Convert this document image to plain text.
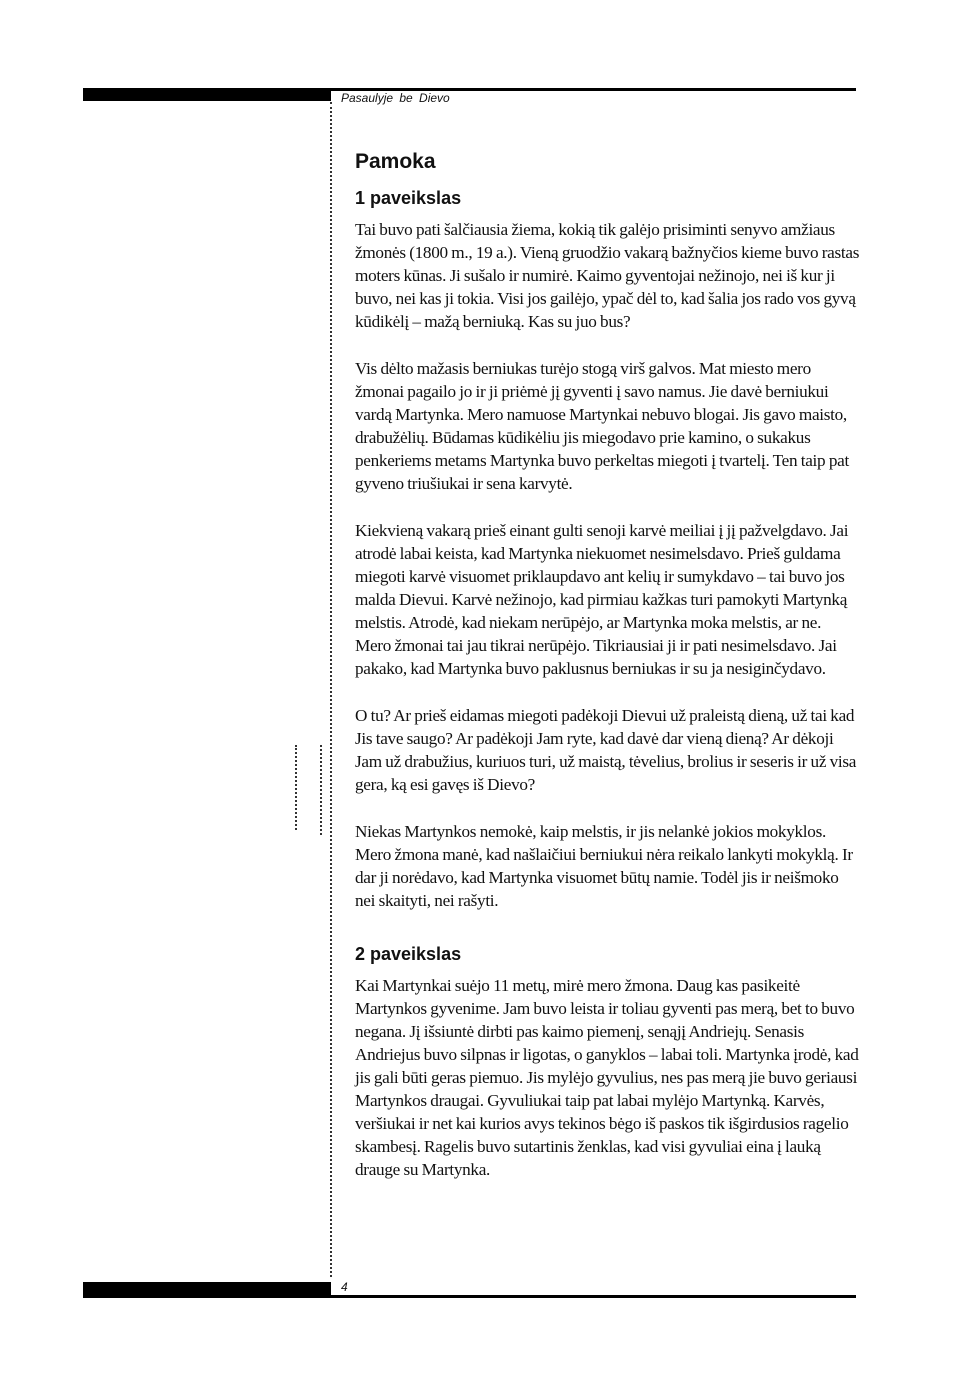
Pasaulyje be Dievo
Pamoka
1 paveikslas

Tai buvo pati šalčiausia žiema, kokią tik galėjo prisiminti senyvo amžiaus žmonės (1800 m., 19 a.). Vieną gruodžio vakarą bažnyčios kieme buvo rastas moters kūnas. Ji sušalo ir numirė. Kaimo gyventojai nežinojo, nei iš kur ji buvo, nei kas ji tokia. Visi jos gailėjo, ypač dėl to, kad šalia jos rado vos gyvą kūdikėlį – mažą berniuką. Kas su juo bus?

Vis dėlto mažasis berniukas turėjo stogą virš galvos. Mat miesto mero žmonai pagailo jo ir ji priėmė jį gyventi į savo namus. Jie davė berniukui vardą Martynka. Mero namuose Martynkai nebuvo blogai. Jis gavo maisto, drabužėlių. Būdamas kūdikėliu jis miegodavo prie kamino, o sukakus penkeriems metams Martynka buvo perkeltas miegoti į tvartelį. Ten taip pat gyveno triušiukai ir sena karvytė.

Kiekvieną vakarą prieš einant gulti senoji karvė meiliai į jį pažvelgdavo. Jai atrodė labai keista, kad Martynka niekuomet nesimelsdavo. Prieš guldama miegoti karvė visuomet priklaupdavo ant kelių ir sumykdavo – tai buvo jos malda Dievui. Karvė nežinojo, kad pirmiau kažkas turi pamokyti Martynką melstis. Atrodė, kad niekam nerūpėjo, ar Martynka moka melstis, ar ne. Mero žmonai tai jau tikrai nerūpėjo. Tikriausiai ji ir pati nesimelsdavo. Jai pakako, kad Martynka buvo paklusnus berniukas ir su ja nesiginčydavo.

O tu? Ar prieš eidamas miegoti padėkoji Dievui už praleistą dieną, už tai kad Jis tave saugo? Ar padėkoji Jam ryte, kad davė dar vieną dieną? Ar dėkoji Jam už drabužius, kuriuos turi, už maistą, tėvelius, brolius ir seseris ir už visa gera, ką esi gavęs iš Dievo?

Niekas Martynkos nemokė, kaip melstis, ir jis nelankė jokios mokyklos. Mero žmona manė, kad našlaičiui berniukui nėra reikalo lankyti mokyklą. Ir dar ji norėdavo, kad Martynka visuomet būtų namie. Todėl jis ir neišmoko nei skaityti, nei rašyti.

2 paveikslas

Kai Martynkai suėjo 11 metų, mirė mero žmona. Daug kas pasikeitė Martynkos gyvenime. Jam buvo leista ir toliau gyventi pas merą, bet to buvo negana. Jį išsiuntė dirbti pas kaimo piemenį, senąjį Andriejų. Senasis Andriejus buvo silpnas ir ligotas, o ganyklos – labai toli. Martynka įrodė, kad jis gali būti geras piemuo. Jis mylėjo gyvulius, nes pas merą jie buvo geriausi Martynkos draugai. Gyvuliukai taip pat labai mylėjo Martynką. Karvės, veršiukai ir net kai kurios avys tekinos bėgo iš paskos tik išgirdusios ragelio skambesį. Ragelis buvo sutartinis ženklas, kad visi gyvuliai eina į lauką drauge su Martynka.

4
